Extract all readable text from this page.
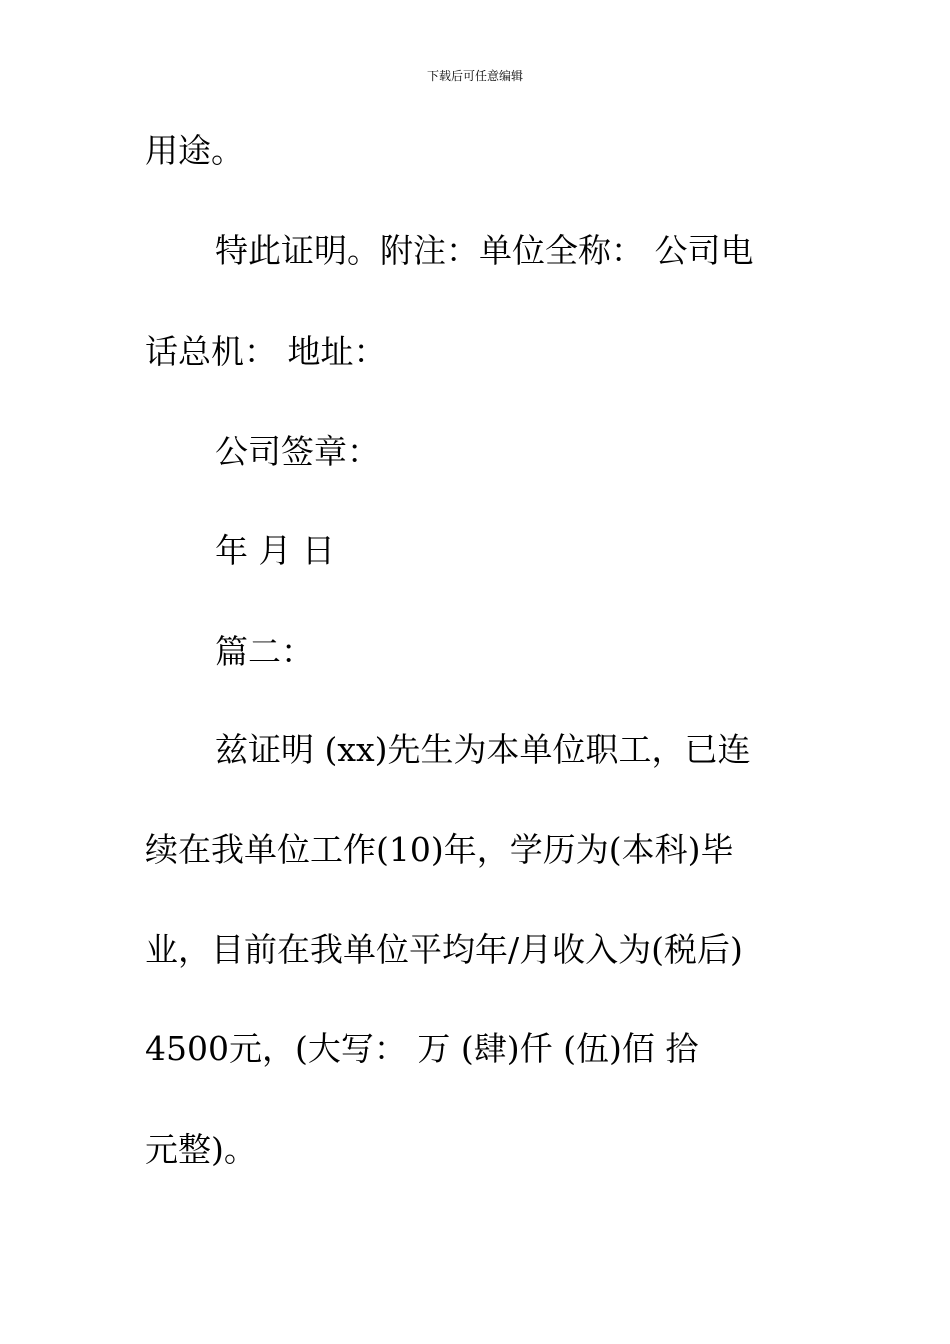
下载后可任意编辑
用途。
特此证明。附注：单位全称： 公司电
话总机： 地址：
公司签章：
年 月 日
篇二：
兹证明 (xx)先生为本单位职工，已连
续在我单位工作(10)年，学历为(本科)毕
业，目前在我单位平均年/月收入为(税后)
4500元，(大写： 万 (肆)仟 (伍)佰 拾
元整)。
